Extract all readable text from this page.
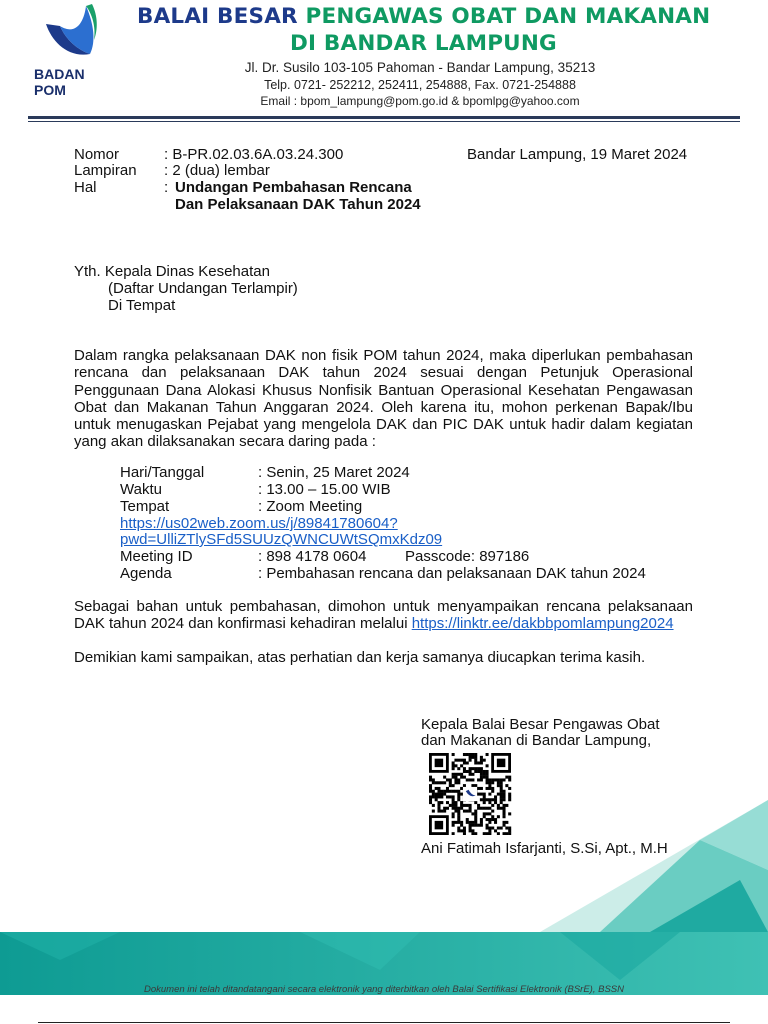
BADAN POM
BALAI BESAR PENGAWAS OBAT DAN MAKANAN
DI BANDAR LAMPUNG
Jl. Dr. Susilo 103-105 Pahoman - Bandar Lampung, 35213
Telp. 0721- 252212, 252411, 254888, Fax. 0721-254888
Email : bpom_lampung@pom.go.id & bpomlpg@yahoo.com
Nomor	: B-PR.02.03.6A.03.24.300
Lampiran : 2 (dua) lembar
Hal	: Undangan Pembahasan Rencana
Dan Pelaksanaan DAK Tahun 2024
Bandar Lampung, 19 Maret 2024
Yth. Kepala Dinas Kesehatan
(Daftar Undangan Terlampir)
Di Tempat
Dalam rangka pelaksanaan DAK non fisik POM tahun 2024, maka diperlukan pembahasan rencana dan pelaksanaan DAK tahun 2024 sesuai dengan Petunjuk Operasional Penggunaan Dana Alokasi Khusus Nonfisik Bantuan Operasional Kesehatan Pengawasan Obat dan Makanan Tahun Anggaran 2024. Oleh karena itu, mohon perkenan Bapak/Ibu untuk menugaskan Pejabat yang mengelola DAK dan PIC DAK untuk hadir dalam kegiatan yang akan dilaksanakan secara daring pada :
Hari/Tanggal	: Senin, 25 Maret 2024
Waktu	: 13.00 – 15.00 WIB
Tempat	: Zoom Meeting
https://us02web.zoom.us/j/89841780604?
pwd=UlliZTlySFd5SUUzQWNCUWtSQmxKdz09
Meeting ID	: 898 4178 0604	Passcode: 897186
Agenda	: Pembahasan rencana dan pelaksanaan DAK tahun 2024
Sebagai bahan untuk pembahasan, dimohon untuk menyampaikan rencana pelaksanaan DAK tahun 2024 dan konfirmasi kehadiran melalui https://linktr.ee/dakbbpomlampung2024
Demikian kami sampaikan, atas perhatian dan kerja samanya diucapkan terima kasih.
Kepala Balai Besar Pengawas Obat
dan Makanan di Bandar Lampung,
Ani Fatimah Isfarjanti, S.Si, Apt., M.H
Dokumen ini telah ditandatangani secara elektronik yang diterbitkan oleh Balai Sertifikasi Elektronik (BSrE), BSSN
